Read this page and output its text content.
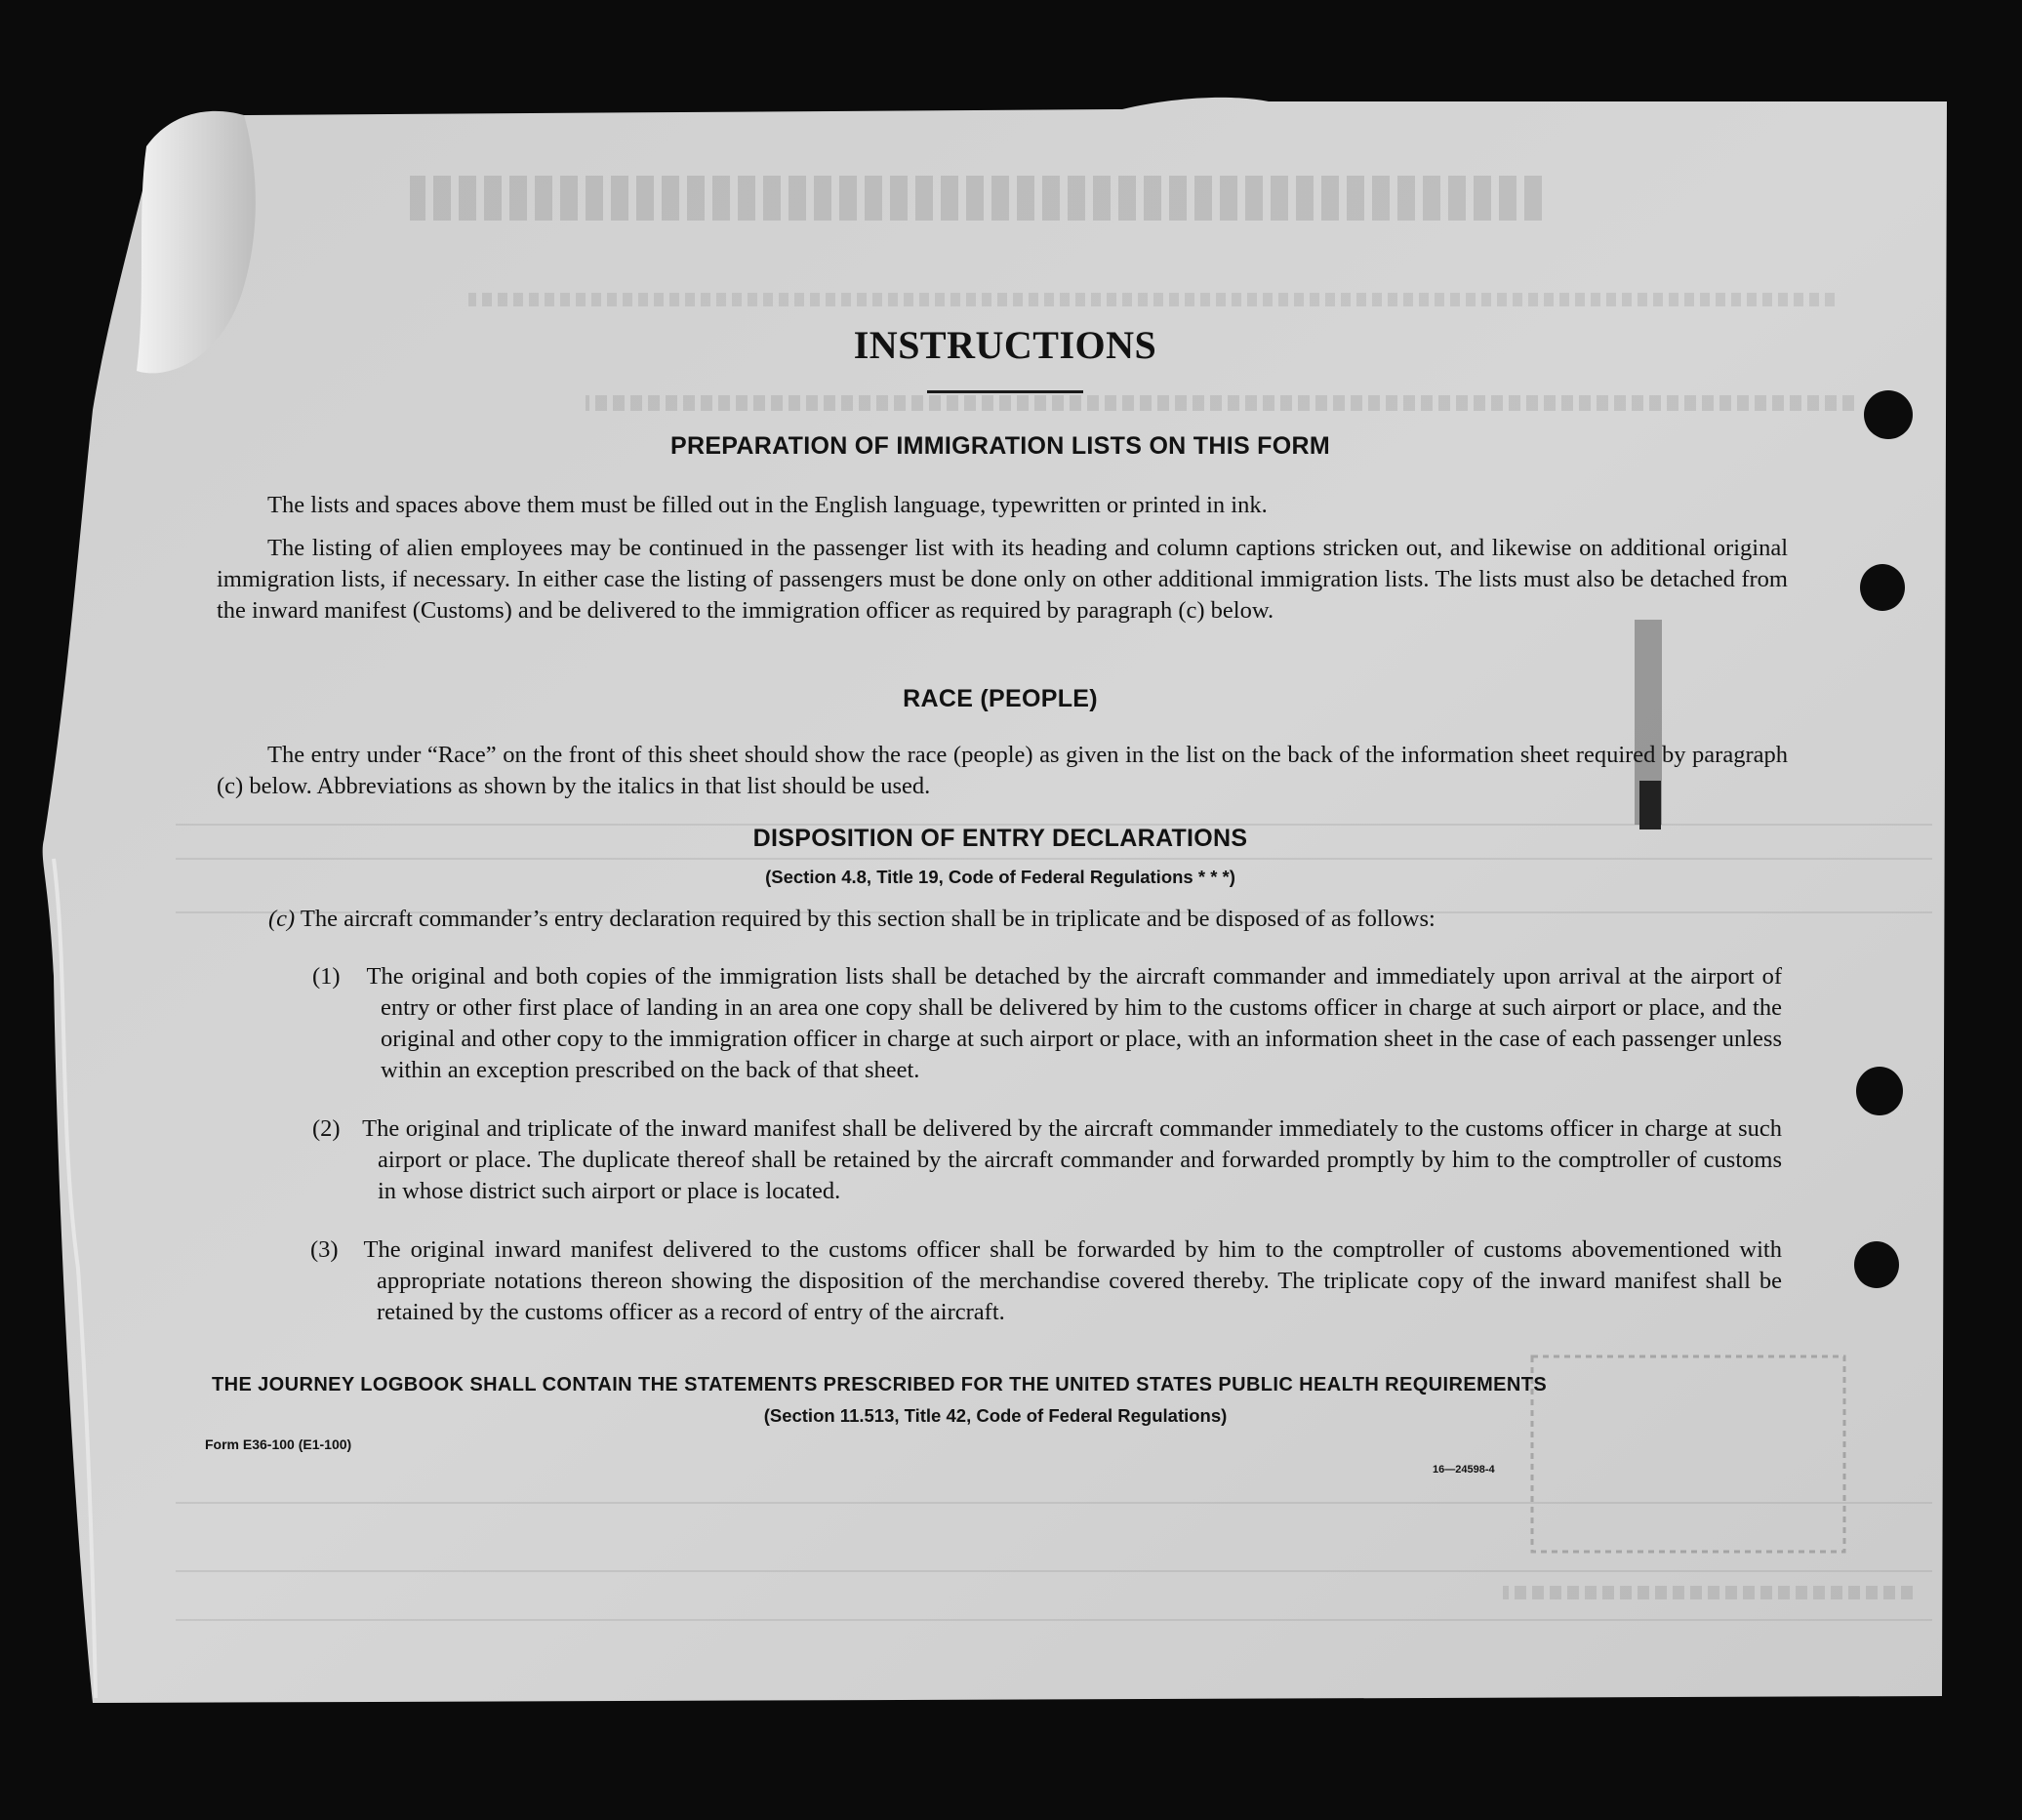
INSTRUCTIONS
PREPARATION OF IMMIGRATION LISTS ON THIS FORM
The lists and spaces above them must be filled out in the English language, typewritten or printed in ink.
The listing of alien employees may be continued in the passenger list with its heading and column captions stricken out, and likewise on additional original immigration lists, if necessary. In either case the listing of passengers must be done only on other additional immigration lists. The lists must also be detached from the inward manifest (Customs) and be delivered to the immigration officer as required by paragraph (c) below.
RACE (PEOPLE)
The entry under “Race” on the front of this sheet should show the race (people) as given in the list on the back of the information sheet required by paragraph (c) below. Abbreviations as shown by the italics in that list should be used.
DISPOSITION OF ENTRY DECLARATIONS
(Section 4.8, Title 19, Code of Federal Regulations * * *)
(c) The aircraft commander’s entry declaration required by this section shall be in triplicate and be disposed of as follows:
(1) The original and both copies of the immigration lists shall be detached by the aircraft commander and immediately upon arrival at the airport of entry or other first place of landing in an area one copy shall be delivered by him to the customs officer in charge at such airport or place, and the original and other copy to the immigration officer in charge at such airport or place, with an information sheet in the case of each passenger unless within an exception prescribed on the back of that sheet.
(2) The original and triplicate of the inward manifest shall be delivered by the aircraft commander immediately to the customs officer in charge at such airport or place. The duplicate thereof shall be retained by the aircraft commander and forwarded promptly by him to the comptroller of customs in whose district such airport or place is located.
(3) The original inward manifest delivered to the customs officer shall be forwarded by him to the comptroller of customs abovementioned with appropriate notations thereon showing the disposition of the merchandise covered thereby. The triplicate copy of the inward manifest shall be retained by the customs officer as a record of entry of the aircraft.
THE JOURNEY LOGBOOK SHALL CONTAIN THE STATEMENTS PRESCRIBED FOR THE UNITED STATES PUBLIC HEALTH REQUIREMENTS
(Section 11.513, Title 42, Code of Federal Regulations)
Form E36-100 (E1-100)
16—24598-4
